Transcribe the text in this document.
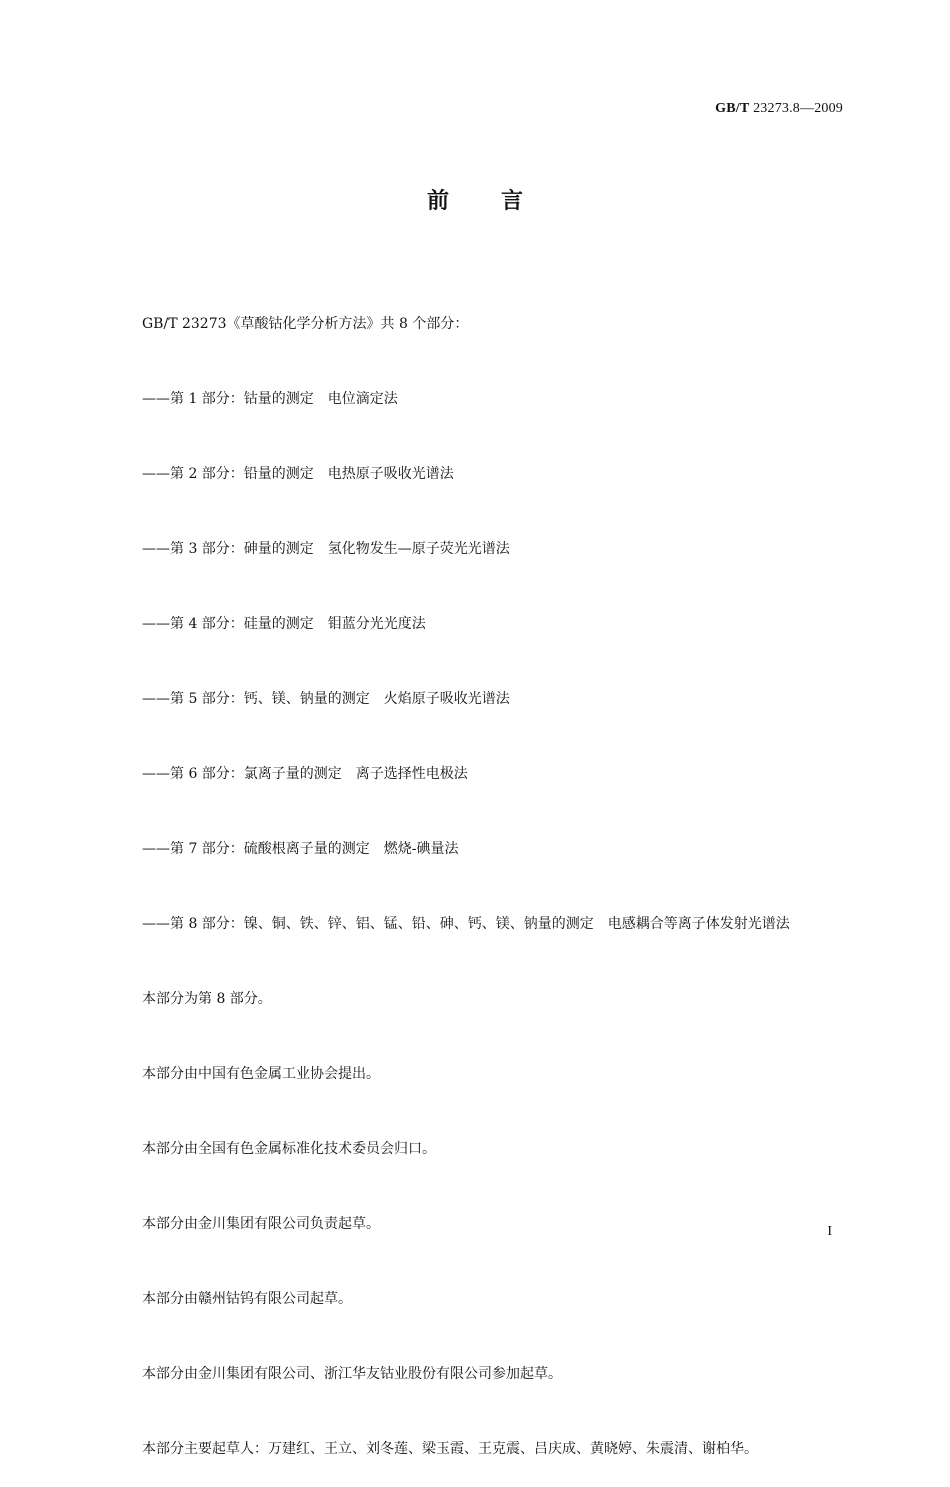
GB/T 23273.8—2009
前言

GB/T 23273《草酸钴化学分析方法》共 8 个部分：

——第 1 部分：钴量的测定　电位滴定法

——第 2 部分：铅量的测定　电热原子吸收光谱法

——第 3 部分：砷量的测定　氢化物发生—原子荧光光谱法

——第 4 部分：硅量的测定　钼蓝分光光度法

——第 5 部分：钙、镁、钠量的测定　火焰原子吸收光谱法

——第 6 部分：氯离子量的测定　离子选择性电极法

——第 7 部分：硫酸根离子量的测定　燃烧-碘量法

——第 8 部分：镍、铜、铁、锌、铝、锰、铅、砷、钙、镁、钠量的测定　电感耦合等离子体发射光谱法

本部分为第 8 部分。

本部分由中国有色金属工业协会提出。

本部分由全国有色金属标准化技术委员会归口。

本部分由金川集团有限公司负责起草。

本部分由赣州钴钨有限公司起草。

本部分由金川集团有限公司、浙江华友钴业股份有限公司参加起草。

本部分主要起草人：万建红、王立、刘冬莲、梁玉霞、王克震、吕庆成、黄晓婷、朱震清、谢柏华。

I
